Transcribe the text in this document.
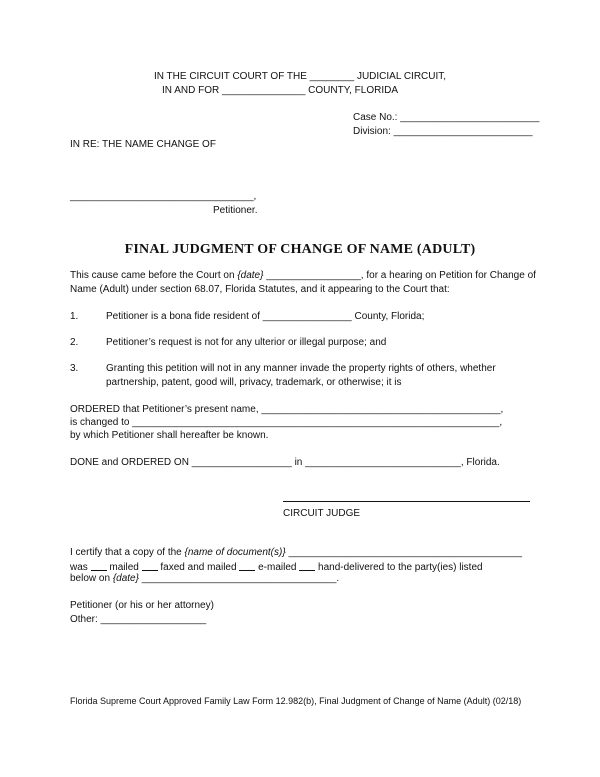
IN THE CIRCUIT COURT OF THE ________ JUDICIAL CIRCUIT,
IN AND FOR _______________ COUNTY, FLORIDA
Case No.: _________________________
Division: _________________________
IN RE: THE NAME CHANGE OF
_________________________________,
Petitioner.
FINAL JUDGMENT OF CHANGE OF NAME (ADULT)
This cause came before the Court on {date} _________________, for a hearing on Petition for Change of
Name (Adult) under section 68.07, Florida Statutes, and it appearing to the Court that:
1.	Petitioner is a bona fide resident of ________________ County, Florida;
2.	Petitioner’s request is not for any ulterior or illegal purpose; and
3.	Granting this petition will not in any manner invade the property rights of others, whether
partnership, patent, good will, privacy, trademark, or otherwise; it is
ORDERED that Petitioner’s present name, ___________________________________________,
is changed to __________________________________________________________________,
by which Petitioner shall hereafter be known.
DONE and ORDERED ON __________________ in ____________________________, Florida.
CIRCUIT JUDGE
I certify that a copy of the {name of document(s)} __________________________________________
was mailed faxed and mailed e-mailed hand-delivered to the party(ies) listed
below on {date} ___________________________________.
Petitioner (or his or her attorney)
Other: ___________________
Florida Supreme Court Approved Family Law Form 12.982(b), Final Judgment of Change of Name (Adult) (02/18)
